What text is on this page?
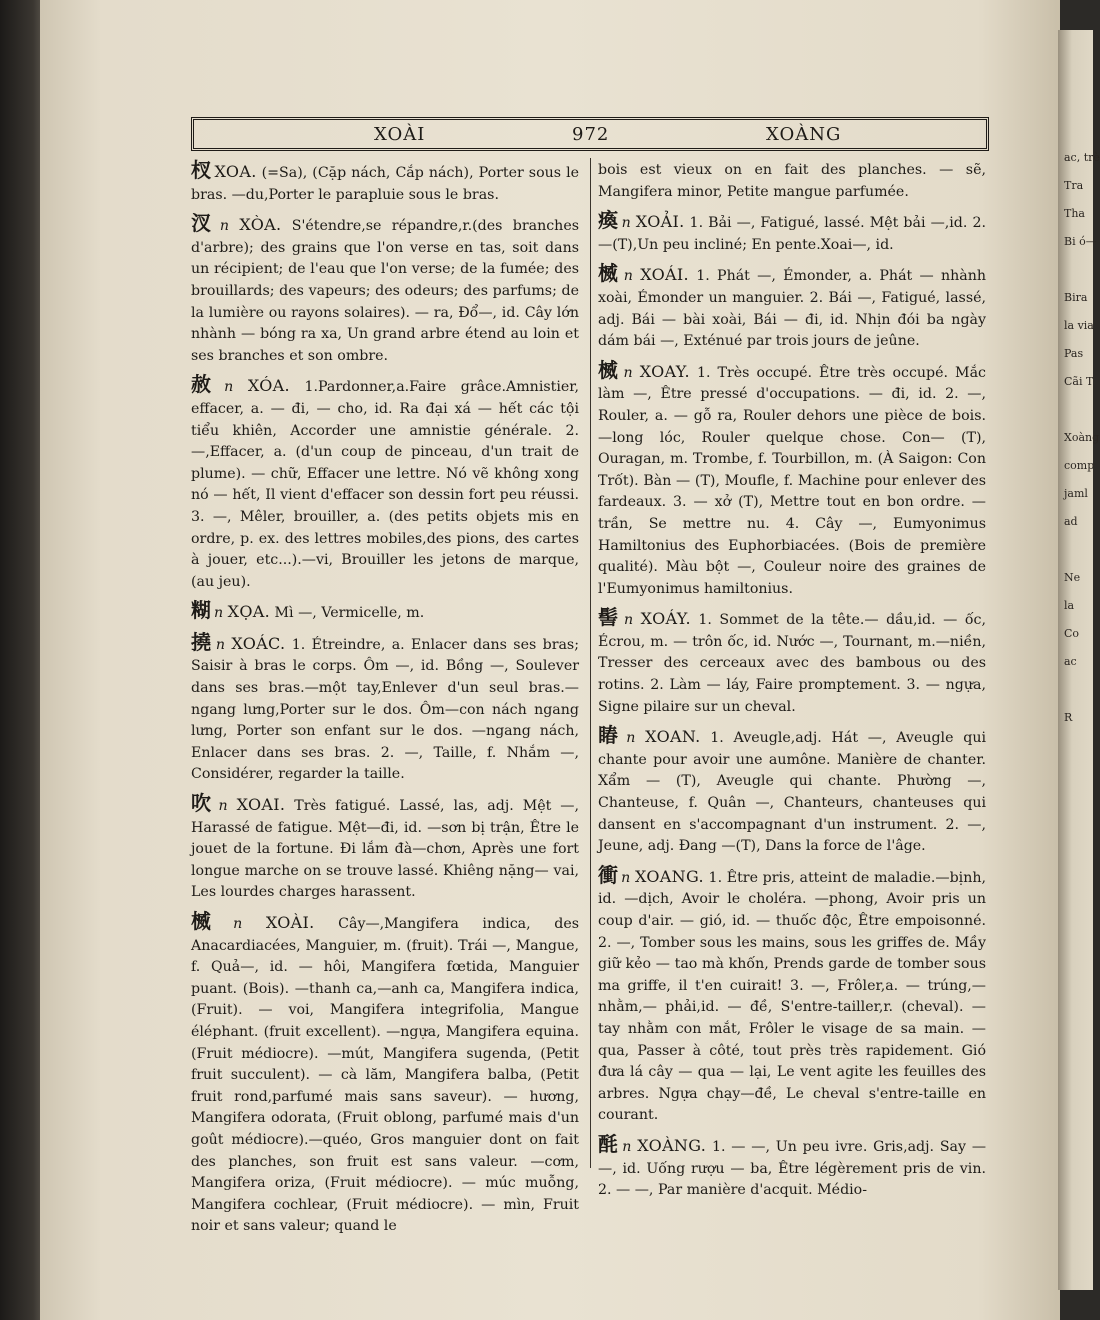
ac, trè
Tra
Tha
Bi ó—
Bira
la via
Pas
Cãi T
Xoàng
comp
jaml
ad
Ne
la
Co
ac
R
XOÀI	972	XOÀNG

杈 XOA. (=Sa), (Cặp nách, Cắp nách), Porter sous le bras. —du,Porter le parapluie sous le bras.

汊 n XÒA. S'étendre,se répandre,r.(des branches d'arbre); des grains que l'on verse en tas, soit dans un récipient; de l'eau que l'on verse; de la fumée; des brouillards; des vapeurs; des odeurs; des parfums; de la lumière ou rayons solaires). — ra, Đổ—, id. Cây lớn nhành — bóng ra xa, Un grand arbre étend au loin et ses branches et son ombre.

赦 n XÓA. 1.Pardonner,a.Faire grâce.Amnistier, effacer, a. — đi, — cho, id. Ra đại xá — hết các tội tiểu khiên, Accorder une amnistie générale. 2.—,Effacer, a. (d'un coup de pinceau, d'un trait de plume). — chữ, Effacer une lettre. Nó vẽ không xong nó — hết, Il vient d'effacer son dessin fort peu réussi. 3. —, Mêler, brouiller, a. (des petits objets mis en ordre, p. ex. des lettres mobiles,des pions, des cartes à jouer, etc...).—vi, Brouiller les jetons de marque, (au jeu).

糊 n XỌA. Mì —, Vermicelle, m.

撓 n XOÁC. 1. Étreindre, a. Enlacer dans ses bras; Saisir à bras le corps. Ôm —, id. Bồng —, Soulever dans ses bras.—một tay,Enlever d'un seul bras.—ngang lưng,Porter sur le dos. Ôm—con nách ngang lưng, Porter son enfant sur le dos. —ngang nách, Enlacer dans ses bras. 2. —, Taille, f. Nhắm —, Considérer, regarder la taille.

吹 n XOAI. Très fatigué. Lassé, las, adj. Mệt —, Harassé de fatigue. Mệt—đi, id. —sơn bị trận, Être le jouet de la fortune. Đi lắm đà—chơn, Après une fort longue marche on se trouve lassé. Khiêng nặng— vai, Les lourdes charges harassent.

楲 n XOÀI. Cây—,Mangifera indica, des Anacardiacées, Manguier, m. (fruit). Trái —, Mangue, f. Quả—, id. — hôi, Mangifera fœtida, Manguier puant. (Bois). —thanh ca,—anh ca, Mangifera indica, (Fruit). — voi, Mangifera integrifolia, Mangue éléphant. (fruit excellent). —ngựa, Mangifera equina. (Fruit médiocre). —mút, Mangifera sugenda, (Petit fruit succulent). — cà lăm, Mangifera balba, (Petit fruit rond,parfumé mais sans saveur). — hương, Mangifera odorata, (Fruit oblong, parfumé mais d'un goût médiocre).—quéo, Gros manguier dont on fait des planches, son fruit est sans valeur. —cơm, Mangifera oriza, (Fruit médiocre). — múc muỗng, Mangifera cochlear, (Fruit médiocre). — mìn, Fruit noir et sans valeur; quand le

bois est vieux on en fait des planches. — sẽ, Mangifera minor, Petite mangue parfumée.

瘓 n XOẢI. 1. Bải —, Fatigué, lassé. Mệt bải —,id. 2.—(T),Un peu incliné; En pente.Xoai—, id.

楲 n XOÁI. 1. Phát —, Émonder, a. Phát — nhành xoài, Émonder un manguier. 2. Bái —, Fatigué, lassé, adj. Bái — bài xoài, Bái — đi, id. Nhịn đói ba ngày dám bái —, Exténué par trois jours de jeûne.

楲 n XOAY. 1. Très occupé. Être très occupé. Mắc làm —, Être pressé d'occupations. — đi, id. 2. —, Rouler, a. — gỗ ra, Rouler dehors une pièce de bois.—long lóc, Rouler quelque chose. Con— (T), Ouragan, m. Trombe, f. Tourbillon, m. (À Saigon: Con Trốt). Bàn — (T), Moufle, f. Machine pour enlever des fardeaux. 3. — xở (T), Mettre tout en bon ordre. — trần, Se mettre nu. 4. Cây —, Eumyonimus Hamiltonius des Euphorbiacées. (Bois de première qualité). Màu bột —, Couleur noire des graines de l'Eumyonimus hamiltonius.

髻 n XOÁY. 1. Sommet de la tête.— dầu,id. — ốc, Écrou, m. — trôn ốc, id. Nước —, Tournant, m.—niền, Tresser des cerceaux avec des bambous ou des rotins. 2. Làm — láy, Faire promptement. 3. — ngựa, Signe pilaire sur un cheval.

睶 n XOAN. 1. Aveugle,adj. Hát —, Aveugle qui chante pour avoir une aumône. Manière de chanter. Xẩm — (T), Aveugle qui chante. Phường —, Chanteuse, f. Quân —, Chanteurs, chanteuses qui dansent en s'accompagnant d'un instrument. 2. —, Jeune, adj. Đang —(T), Dans la force de l'âge.

衝 n XOANG. 1. Être pris, atteint de maladie.—bịnh, id. —dịch, Avoir le choléra. —phong, Avoir pris un coup d'air. — gió, id. — thuốc độc, Être empoisonné. 2. —, Tomber sous les mains, sous les griffes de. Mầy giữ kẻo — tao mà khốn, Prends garde de tomber sous ma griffe, il t'en cuirait! 3. —, Frôler,a. — trúng,—nhằm,— phải,id. — đề, S'entre-tailler,r. (cheval). — tay nhằm con mắt, Frôler le visage de sa main. — qua, Passer à côté, tout près très rapidement. Gió đưa lá cây — qua — lại, Le vent agite les feuilles des arbres. Ngựa chạy—đề, Le cheval s'entre-taille en courant.

酕 n XOÀNG. 1. — —, Un peu ivre. Gris,adj. Say — —, id. Uống rượu — ba, Être légèrement pris de vin. 2. — —, Par manière d'acquit. Médio-
